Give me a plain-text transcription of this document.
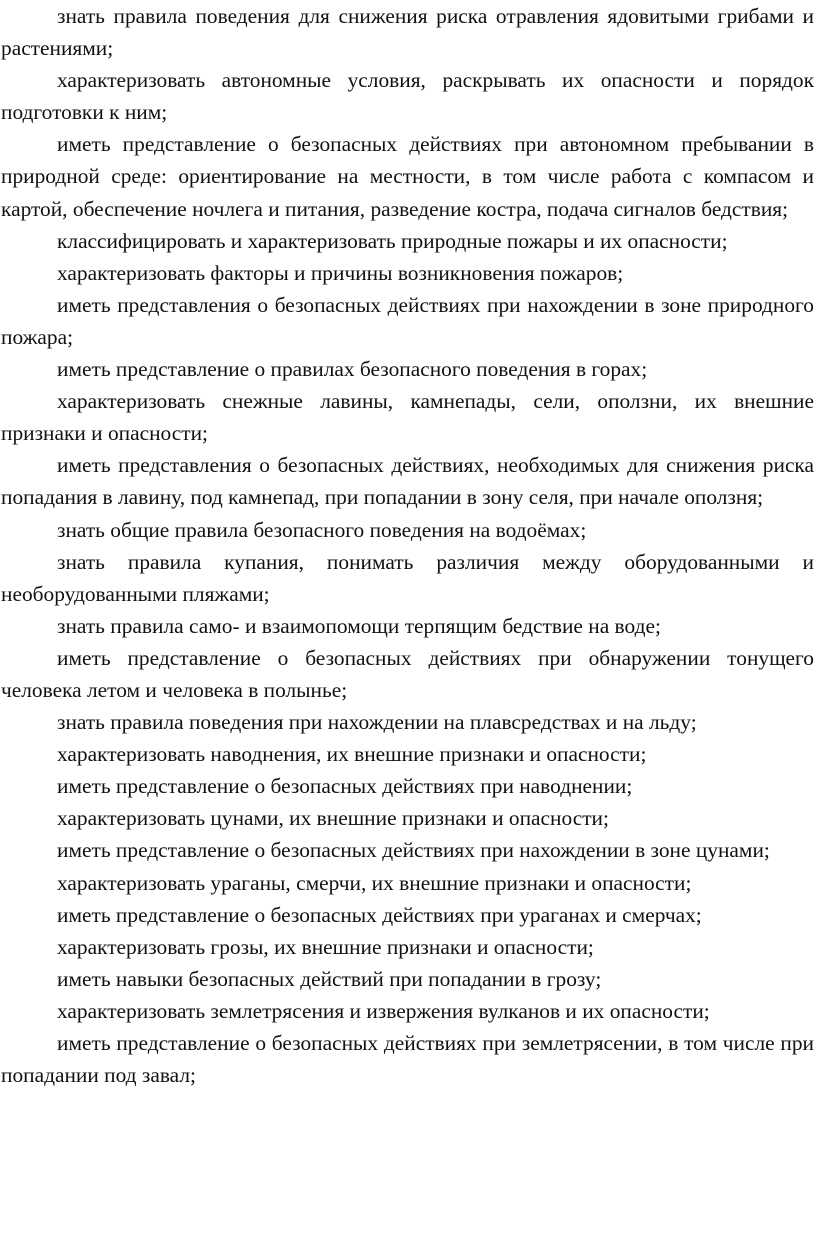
знать правила поведения для снижения риска отравления ядовитыми грибами и растениями;

характеризовать автономные условия, раскрывать их опасности и порядок подготовки к ним;

иметь представление о безопасных действиях при автономном пребывании в природной среде: ориентирование на местности, в том числе работа с компасом и картой, обеспечение ночлега и питания, разведение костра, подача сигналов бедствия;

классифицировать и характеризовать природные пожары и их опасности;

характеризовать факторы и причины возникновения пожаров;

иметь представления о безопасных действиях при нахождении в зоне природного пожара;

иметь представление о правилах безопасного поведения в горах;

характеризовать снежные лавины, камнепады, сели, оползни, их внешние признаки и опасности;

иметь представления о безопасных действиях, необходимых для снижения риска попадания в лавину, под камнепад, при попадании в зону селя, при начале оползня;

знать общие правила безопасного поведения на водоёмах;

знать правила купания, понимать различия между оборудованными и необорудованными пляжами;

знать правила само- и взаимопомощи терпящим бедствие на воде;

иметь представление о безопасных действиях при обнаружении тонущего человека летом и человека в полынье;

знать правила поведения при нахождении на плавсредствах и на льду;

характеризовать наводнения, их внешние признаки и опасности;

иметь представление о безопасных действиях при наводнении;

характеризовать цунами, их внешние признаки и опасности;

иметь представление о безопасных действиях при нахождении в зоне цунами;

характеризовать ураганы, смерчи, их внешние признаки и опасности;

иметь представление о безопасных действиях при ураганах и смерчах;

характеризовать грозы, их внешние признаки и опасности;

иметь навыки безопасных действий при попадании в грозу;

характеризовать землетрясения и извержения вулканов и их опасности;

иметь представление о безопасных действиях при землетрясении, в том числе при попадании под завал;
